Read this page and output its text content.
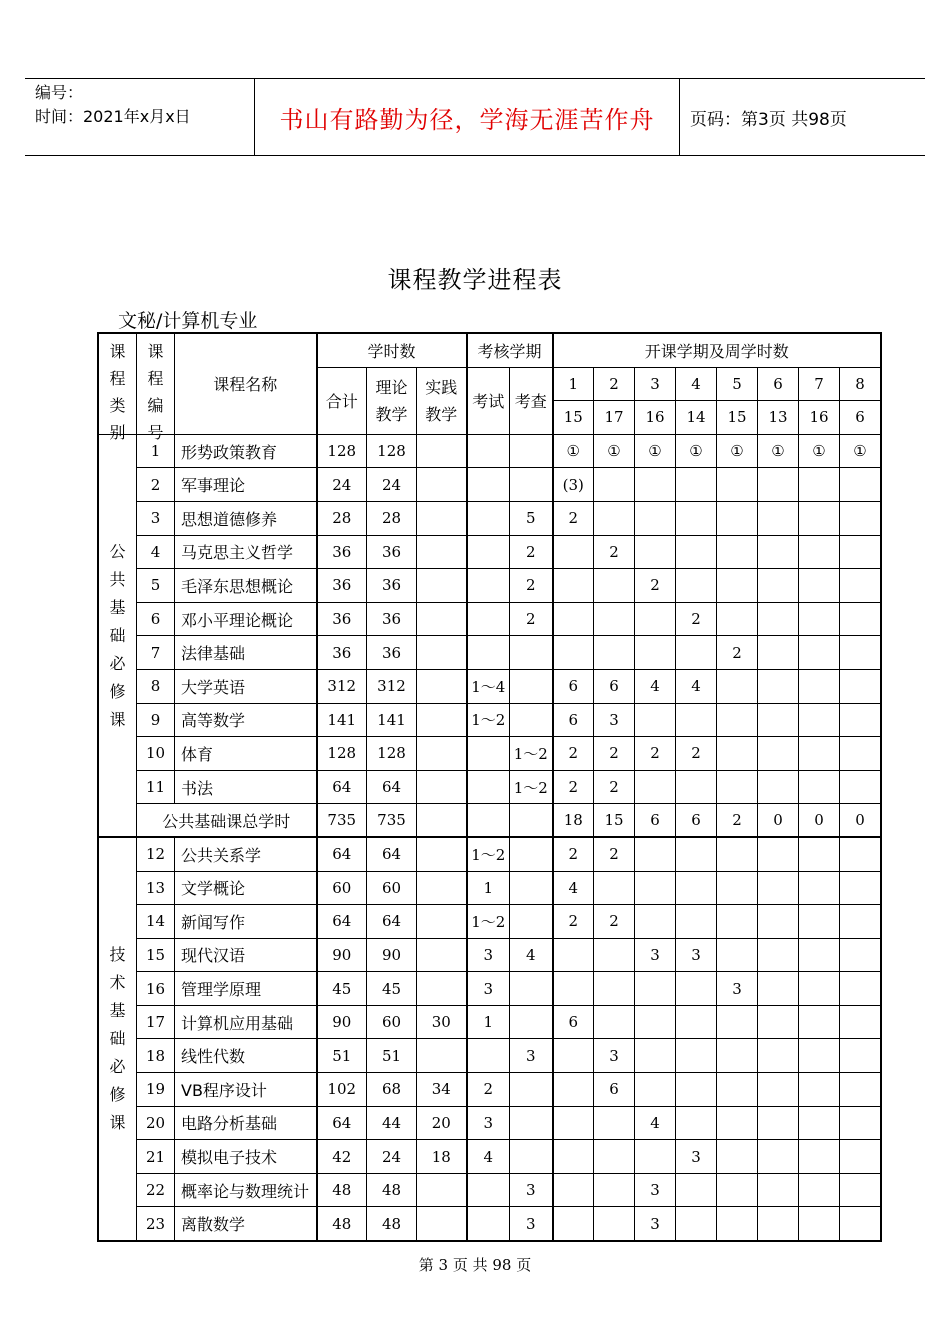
编号：
时间：2021年x月x日	书山有路勤为径，学海无涯苦作舟	页码：第3页 共98页
课程教学进程表
文秘/计算机专业
课程类别	课程编号	课程名称	学时数			考核学期		开课学期及周学时数							
			合计	理论教学	实践教学	考试	考查	1	2	3	4	5	6	7	8
								15	17	16	14	15	13	16	6

公共基础必修课	1	形势政策教育	128	128				①	①	①	①	①	①	①	①
	2	军事理论	24	24				(3)							
	3	思想道德修养	28	28			5	2							
	4	马克思主义哲学	36	36			2		2						
	5	毛泽东思想概论	36	36			2			2					
	6	邓小平理论概论	36	36			2				2				
	7	法律基础	36	36								2			
	8	大学英语	312	312		1～4		6	6	4	4				
	9	高等数学	141	141		1～2		6	3						
	10	体育	128	128			1～2	2	2	2	2				
	11	书法	64	64			1～2	2	2						
	公共基础课总学时		735	735				18	15	6	6	2	0	0	0

技术基础必修课	12	公共关系学	64	64		1～2		2	2						
	13	文学概论	60	60		1		4							
	14	新闻写作	64	64		1～2		2	2						
	15	现代汉语	90	90		3	4			3	3				
	16	管理学原理	45	45		3						3			
	17	计算机应用基础	90	60	30	1		6							
	18	线性代数	51	51			3		3						
	19	VB程序设计	102	68	34	2			6						
	20	电路分析基础	64	44	20	3				4					
	21	模拟电子技术	42	24	18	4					3				
	22	概率论与数理统计	48	48			3			3					
	23	离散数学	48	48			3			3					
第 3 页 共 98 页
